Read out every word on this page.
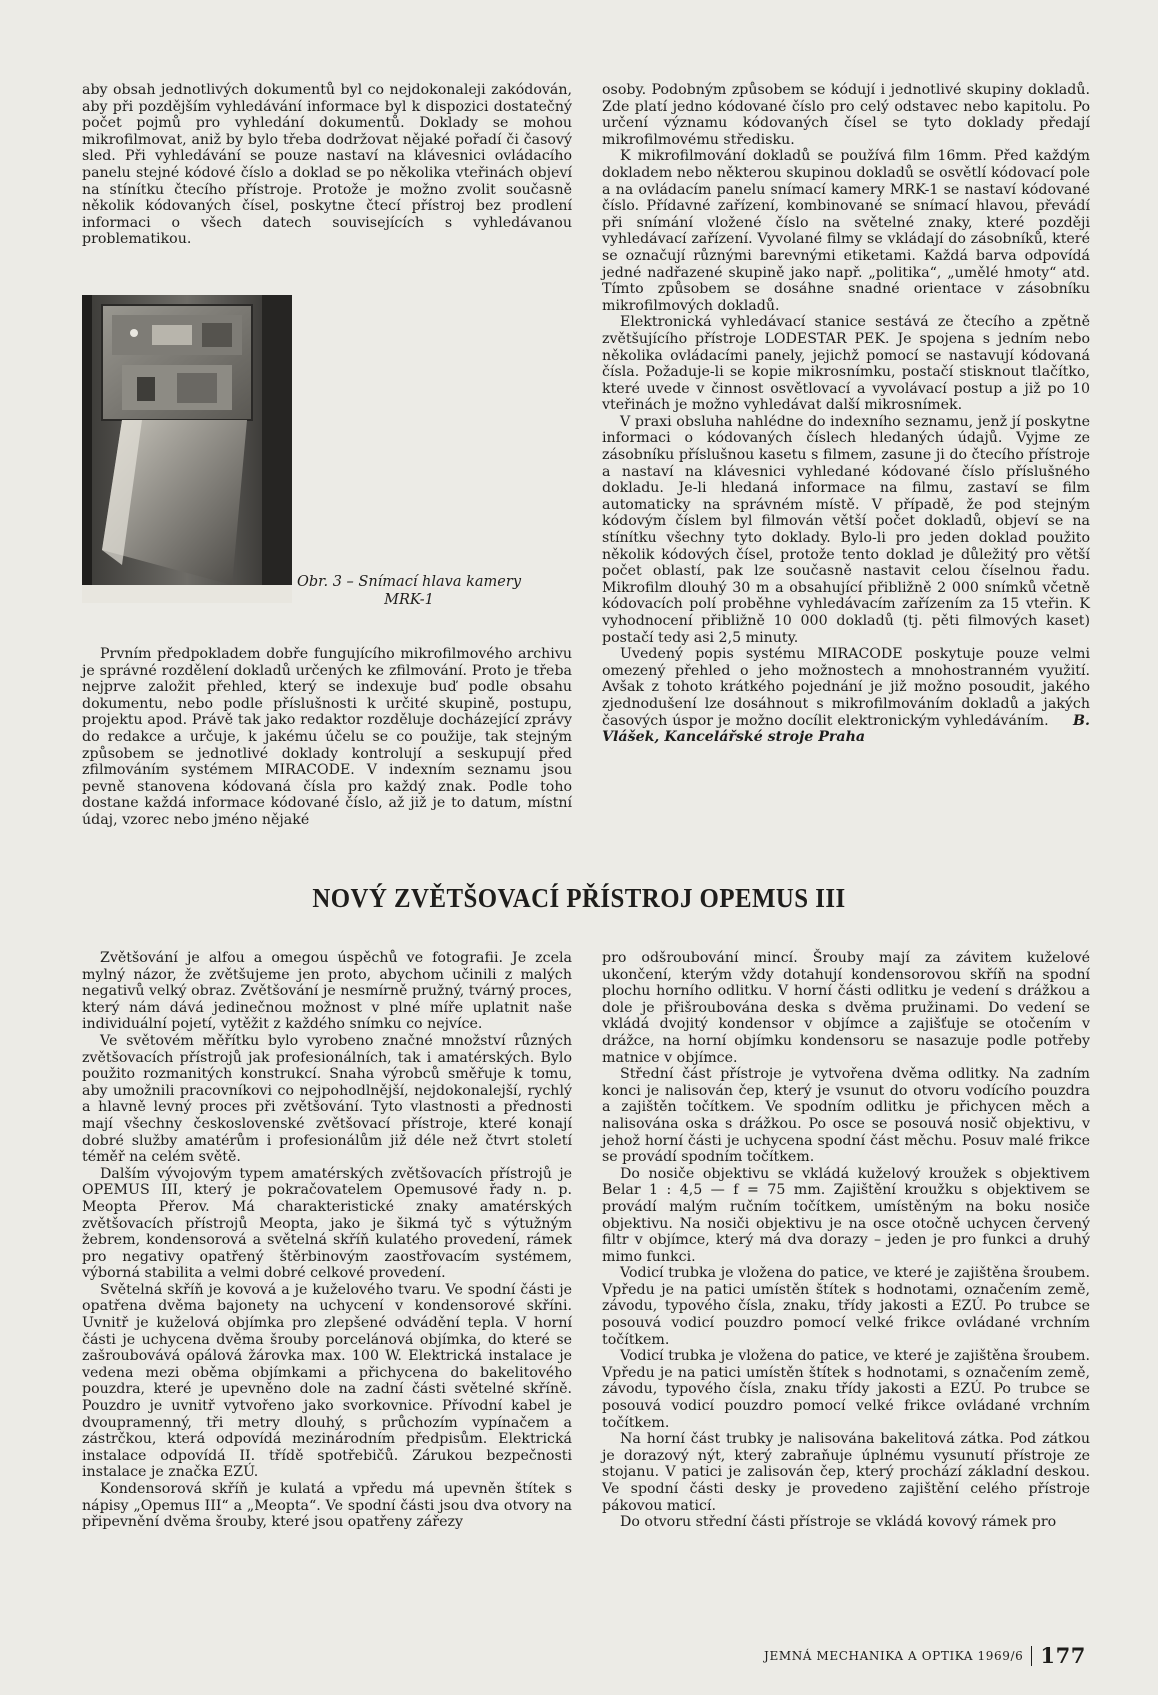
aby obsah jednotlivých dokumentů byl co nejdokonaleji zakódován, aby při pozdějším vyhledávání informace byl k dispozici dostatečný počet pojmů pro vyhledání dokumentů. Doklady se mohou mikrofilmovat, aniž by bylo třeba dodržovat nějaké pořadí či časový sled. Při vyhledávání se pouze nastaví na klávesnici ovládacího panelu stejné kódové číslo a doklad se po několika vteřinách objeví na stínítku čtecího přístroje. Protože je možno zvolit současně několik kódovaných čísel, poskytne čtecí přístroj bez prodlení informaci o všech datech souvisejících s vyhledávanou problematikou.

Obr. 3 – Snímací hlava kamery
MRK-1

Prvním předpokladem dobře fungujícího mikrofilmového archivu je správné rozdělení dokladů určených ke zfilmování. Proto je třeba nejprve založit přehled, který se indexuje buď podle obsahu dokumentu, nebo podle příslušnosti k určité skupině, postupu, projektu apod. Právě tak jako redaktor rozděluje docházející zprávy do redakce a určuje, k jakému účelu se co použije, tak stejným způsobem se jednotlivé doklady kontrolují a seskupují před zfilmováním systémem MIRACODE. V indexním seznamu jsou pevně stanovena kódovaná čísla pro každý znak. Podle toho dostane každá informace kódované číslo, až již je to datum, místní údaj, vzorec nebo jméno nějaké

osoby. Podobným způsobem se kódují i jednotlivé skupiny dokladů. Zde platí jedno kódované číslo pro celý odstavec nebo kapitolu. Po určení významu kódovaných čísel se tyto doklady předají mikrofilmovému středisku.

K mikrofilmování dokladů se používá film 16mm. Před každým dokladem nebo některou skupinou dokladů se osvětlí kódovací pole a na ovládacím panelu snímací kamery MRK-1 se nastaví kódované číslo. Přídavné zařízení, kombinované se snímací hlavou, převádí při snímání vložené číslo na světelné znaky, které později vyhledávací zařízení. Vyvolané filmy se vkládají do zásobníků, které se označují různými barevnými etiketami. Každá barva odpovídá jedné nadřazené skupině jako např. „politika“, „umělé hmoty“ atd. Tímto způsobem se dosáhne snadné orientace v zásobníku mikrofilmových dokladů.

Elektronická vyhledávací stanice sestává ze čtecího a zpětně zvětšujícího přístroje LODESTAR PEK. Je spojena s jedním nebo několika ovládacími panely, jejichž pomocí se nastavují kódovaná čísla. Požaduje-li se kopie mikrosnímku, postačí stisknout tlačítko, které uvede v činnost osvětlovací a vyvolávací postup a již po 10 vteřinách je možno vyhledávat další mikrosnímek.

V praxi obsluha nahlédne do indexního seznamu, jenž jí poskytne informaci o kódovaných číslech hledaných údajů. Vyjme ze zásobníku příslušnou kasetu s filmem, zasune ji do čtecího přístroje a nastaví na klávesnici vyhledané kódované číslo příslušného dokladu. Je-li hledaná informace na filmu, zastaví se film automaticky na správném místě. V případě, že pod stejným kódovým číslem byl filmován větší počet dokladů, objeví se na stínítku všechny tyto doklady. Bylo-li pro jeden doklad použito několik kódových čísel, protože tento doklad je důležitý pro větší počet oblastí, pak lze současně nastavit celou číselnou řadu. Mikrofilm dlouhý 30 m a obsahující přibližně 2 000 snímků včetně kódovacích polí proběhne vyhledávacím zařízením za 15 vteřin. K vyhodnocení přibližně 10 000 dokladů (tj. pěti filmových kaset) postačí tedy asi 2,5 minuty.

Uvedený popis systému MIRACODE poskytuje pouze velmi omezený přehled o jeho možnostech a mnohostranném využití. Avšak z tohoto krátkého pojednání je již možno posoudit, jakého zjednodušení lze dosáhnout s mikrofilmováním dokladů a jakých časových úspor je možno docílit elektronickým vyhledáváním. B. Vlášek, Kancelářské stroje Praha

NOVÝ ZVĚTŠOVACÍ PŘÍSTROJ OPEMUS III

Zvětšování je alfou a omegou úspěchů ve fotografii. Je zcela mylný názor, že zvětšujeme jen proto, abychom učinili z malých negativů velký obraz. Zvětšování je nesmírně pružný, tvárný proces, který nám dává jedinečnou možnost v plné míře uplatnit naše individuální pojetí, vytěžit z každého snímku co nejvíce.

Ve světovém měřítku bylo vyrobeno značné množství různých zvětšovacích přístrojů jak profesionálních, tak i amatérských. Bylo použito rozmanitých konstrukcí. Snaha výrobců směřuje k tomu, aby umožnili pracovníkovi co nejpohodlnější, nejdokonalejší, rychlý a hlavně levný proces při zvětšování. Tyto vlastnosti a přednosti mají všechny československé zvětšovací přístroje, které konají dobré služby amatérům i profesionálům již déle než čtvrt století téměř na celém světě.

Dalším vývojovým typem amatérských zvětšovacích přístrojů je OPEMUS III, který je pokračovatelem Opemusové řady n. p. Meopta Přerov. Má charakteristické znaky amatérských zvětšovacích přístrojů Meopta, jako je šikmá tyč s výtužným žebrem, kondensorová a světelná skříň kulatého provedení, rámek pro negativy opatřený štěrbinovým zaostřovacím systémem, výborná stabilita a velmi dobré celkové provedení.

Světelná skříň je kovová a je kuželového tvaru. Ve spodní části je opatřena dvěma bajonety na uchycení v kondensorové skříni. Uvnitř je kuželová objímka pro zlepšené odvádění tepla. V horní části je uchycena dvěma šrouby porcelánová objímka, do které se zašroubovává opálová žárovka max. 100 W. Elektrická instalace je vedena mezi oběma objímkami a přichycena do bakelitového pouzdra, které je upevněno dole na zadní části světelné skříně. Pouzdro je uvnitř vytvořeno jako svorkovnice. Přívodní kabel je dvoupramenný, tři metry dlouhý, s průchozím vypínačem a zástrčkou, která odpovídá mezinárodním předpisům. Elektrická instalace odpovídá II. třídě spotřebičů. Zárukou bezpečnosti instalace je značka EZÚ.

Kondensorová skříň je kulatá a vpředu má upevněn štítek s nápisy „Opemus III“ a „Meopta“. Ve spodní části jsou dva otvory na připevnění dvěma šrouby, které jsou opatřeny zářezy

pro odšroubování mincí. Šrouby mají za závitem kuželové ukončení, kterým vždy dotahují kondensorovou skříň na spodní plochu horního odlitku. V horní části odlitku je vedení s drážkou a dole je přišroubována deska s dvěma pružinami. Do vedení se vkládá dvojitý kondensor v objímce a zajišťuje se otočením v drážce, na horní objímku kondensoru se nasazuje podle potřeby matnice v objímce.

Střední část přístroje je vytvořena dvěma odlitky. Na zadním konci je nalisován čep, který je vsunut do otvoru vodícího pouzdra a zajištěn točítkem. Ve spodním odlitku je přichycen měch a nalisována oska s drážkou. Po osce se posouvá nosič objektivu, v jehož horní části je uchycena spodní část měchu. Posuv malé frikce se provádí spodním točítkem.

Do nosiče objektivu se vkládá kuželový kroužek s objektivem Belar 1 : 4,5 — f = 75 mm. Zajištění kroužku s objektivem se provádí malým ručním točítkem, umístěným na boku nosiče objektivu. Na nosiči objektivu je na osce otočně uchycen červený filtr v objímce, který má dva dorazy – jeden je pro funkci a druhý mimo funkci.

Vodicí trubka je vložena do patice, ve které je zajištěna šroubem. Vpředu je na patici umístěn štítek s hodnotami, označením země, závodu, typového čísla, znaku, třídy jakosti a EZÚ. Po trubce se posouvá vodicí pouzdro pomocí velké frikce ovládané vrchním točítkem.

Vodicí trubka je vložena do patice, ve které je zajištěna šroubem. Vpředu je na patici umístěn štítek s hodnotami, s označením země, závodu, typového čísla, znaku třídy jakosti a EZÚ. Po trubce se posouvá vodicí pouzdro pomocí velké frikce ovládané vrchním točítkem.

Na horní část trubky je nalisována bakelitová zátka. Pod zátkou je dorazový nýt, který zabraňuje úplnému vysunutí přístroje ze stojanu. V patici je zalisován čep, který prochází základní deskou. Ve spodní části desky je provedeno zajištění celého přístroje pákovou maticí.

Do otvoru střední části přístroje se vkládá kovový rámek pro

JEMNÁ MECHANIKA A OPTIKA 1969/6 177
